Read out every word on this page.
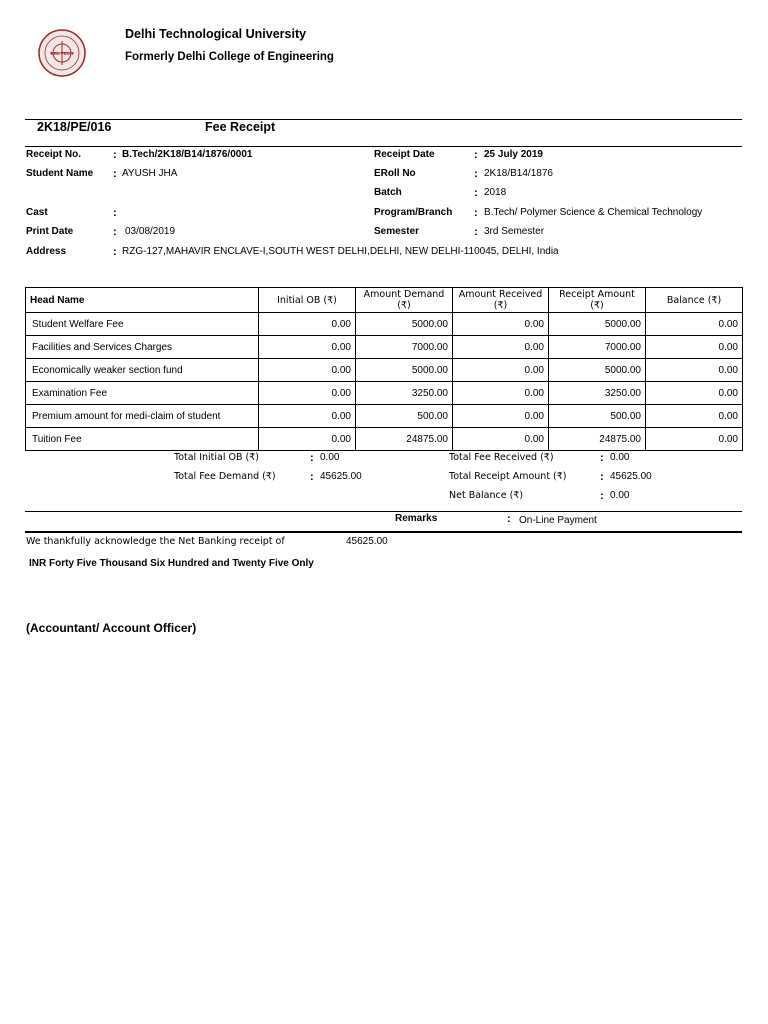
DEL TECH
Delhi Technological University
Formerly Delhi College of Engineering
2K18/PE/016	Fee Receipt
Receipt No.	: B.Tech/2K18/B14/1876/0001
Student Name : AYUSH JHA
Cast	:
Print Date	: 03/08/2019
Address	: RZG-127,MAHAVIR ENCLAVE-I,SOUTH WEST DELHI,DELHI, NEW DELHI-110045, DELHI, India
Receipt Date	: 25 July 2019
ERoll No	: 2K18/B14/1876
Batch	: 2018
Program/Branch : B.Tech/ Polymer Science & Chemical Technology
Semester	: 3rd Semester
Head Name	Initial OB (₹)	Amount Demand (₹)	Amount Received (₹)	Receipt Amount (₹)	Balance (₹)
Student Welfare Fee	0.00	5000.00	0.00	5000.00	0.00
Facilities and Services Charges	0.00	7000.00	0.00	7000.00	0.00
Economically weaker section fund	0.00	5000.00	0.00	5000.00	0.00
Examination Fee	0.00	3250.00	0.00	3250.00	0.00
Premium amount for medi-claim of student	0.00	500.00	0.00	500.00	0.00
Tuition Fee	0.00	24875.00	0.00	24875.00	0.00
Total Initial OB (₹)	: 0.00
Total Fee Demand (₹)	: 45625.00
Total Fee Received (₹)	: 0.00
Total Receipt Amount (₹)	: 45625.00
Net Balance (₹)	: 0.00
Remarks	: On-Line Payment
We thankfully acknowledge the Net Banking receipt of	45625.00
INR Forty Five Thousand Six Hundred and Twenty Five Only
(Accountant/ Account Officer)
